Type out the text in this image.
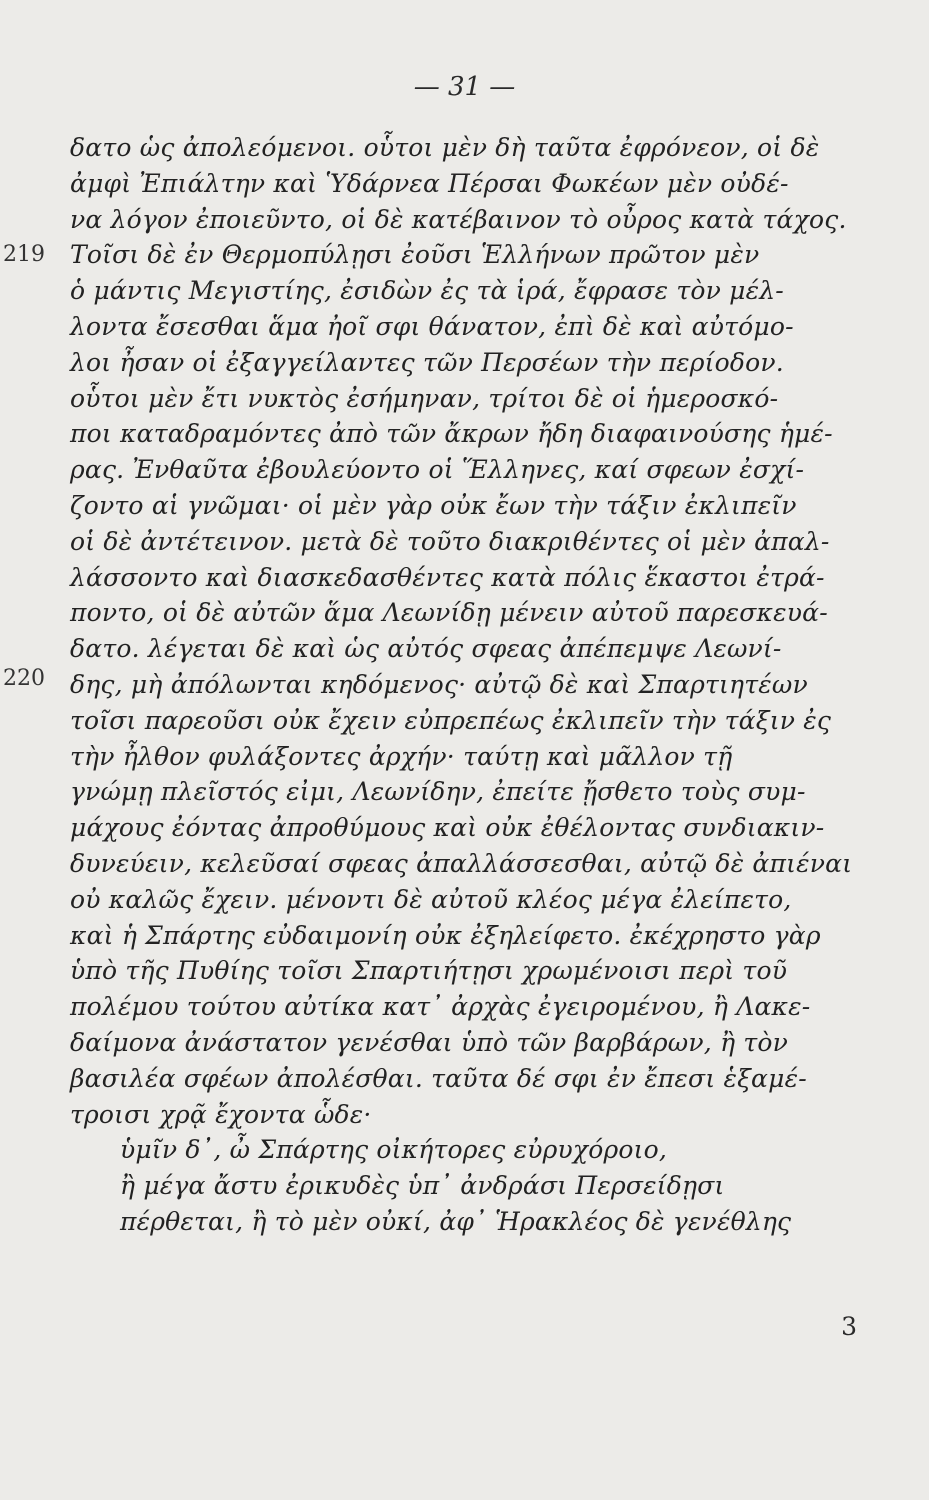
— 31 —
219
220
δατο ὡς ἀπολεόμενοι. οὗτοι μὲν δὴ ταῦτα ἐφρόνεον, οἱ δὲ
ἀμφὶ Ἐπιάλτην καὶ Ὑδάρνεα Πέρσαι Φωκέων μὲν οὐδέ-
να λόγον ἐποιεῦντο, οἱ δὲ κατέβαινον τὸ οὖρος κατὰ τάχος.
Τοῖσι δὲ ἐν Θερμοπύλῃσι ἐοῦσι Ἑλλήνων πρῶτον μὲν
ὁ μάντις Μεγιστίης, ἐσιδὼν ἐς τὰ ἱρά, ἔφρασε τὸν μέλ-
λοντα ἔσεσθαι ἅμα ἠοῖ σφι θάνατον, ἐπὶ δὲ καὶ αὐτόμο-
λοι ἦσαν οἱ ἐξαγγείλαντες τῶν Περσέων τὴν περίοδον.
οὗτοι μὲν ἔτι νυκτὸς ἐσήμηναν, τρίτοι δὲ οἱ ἡμεροσκό-
ποι καταδραμόντες ἀπὸ τῶν ἄκρων ἤδη διαφαινούσης ἡμέ-
ρας. Ἐνθαῦτα ἐβουλεύοντο οἱ Ἕλληνες, καί σφεων ἐσχί-
ζοντο αἱ γνῶμαι· οἱ μὲν γὰρ οὐκ ἔων τὴν τάξιν ἐκλιπεῖν
οἱ δὲ ἀντέτεινον. μετὰ δὲ τοῦτο διακριθέντες οἱ μὲν ἀπαλ-
λάσσοντο καὶ διασκεδασθέντες κατὰ πόλις ἕκαστοι ἐτρά-
ποντο, οἱ δὲ αὐτῶν ἅμα Λεωνίδῃ μένειν αὐτοῦ παρεσκευά-
δατο. λέγεται δὲ καὶ ὡς αὐτός σφεας ἀπέπεμψε Λεωνί-
δης, μὴ ἀπόλωνται κηδόμενος· αὐτῷ δὲ καὶ Σπαρτιητέων
τοῖσι παρεοῦσι οὐκ ἔχειν εὐπρεπέως ἐκλιπεῖν τὴν τάξιν ἐς
τὴν ἦλθον φυλάξοντες ἀρχήν· ταύτῃ καὶ μᾶλλον τῇ
γνώμῃ πλεῖστός εἰμι, Λεωνίδην, ἐπείτε ᾔσθετο τοὺς συμ-
μάχους ἐόντας ἀπροθύμους καὶ οὐκ ἐθέλοντας συνδιακιν-
δυνεύειν, κελεῦσαί σφεας ἀπαλλάσσεσθαι, αὐτῷ δὲ ἀπιέναι
οὐ καλῶς ἔχειν. μένοντι δὲ αὐτοῦ κλέος μέγα ἐλείπετο,
καὶ ἡ Σπάρτης εὐδαιμονίη οὐκ ἐξηλείφετο. ἐκέχρηστο γὰρ
ὑπὸ τῆς Πυθίης τοῖσι Σπαρτιήτῃσι χρωμένοισι περὶ τοῦ
πολέμου τούτου αὐτίκα κατ᾽ ἀρχὰς ἐγειρομένου, ἢ Λακε-
δαίμονα ἀνάστατον γενέσθαι ὑπὸ τῶν βαρβάρων, ἢ τὸν
βασιλέα σφέων ἀπολέσθαι. ταῦτα δέ σφι ἐν ἔπεσι ἑξαμέ-
τροισι χρᾷ ἔχοντα ὧδε·
ὑμῖν δ᾽, ὦ Σπάρτης οἰκήτορες εὐρυχόροιο,
ἢ μέγα ἄστυ ἐρικυδὲς ὑπ᾽ ἀνδράσι Περσείδῃσι
πέρθεται, ἢ τὸ μὲν οὐκί, ἀφ᾽ Ἡρακλέος δὲ γενέθλης
3
